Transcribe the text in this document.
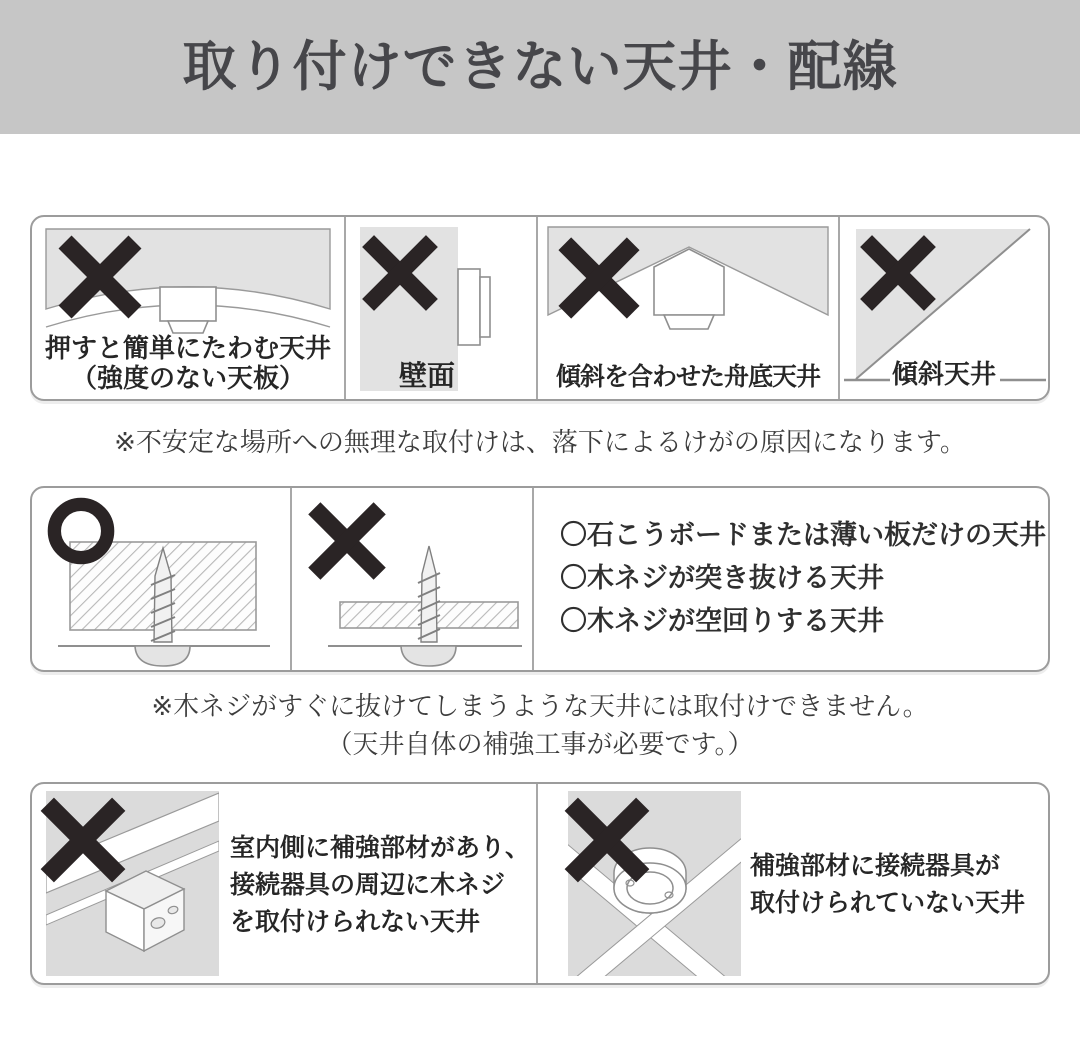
取り付けできない天井・配線
押すと簡単にたわむ天井
（強度のない天板）	壁面	傾斜を合わせた舟底天井	傾斜天井
※不安定な場所への無理な取付けは、落下によるけがの原因になります。
〇石こうボードまたは薄い板だけの天井
〇木ネジが突き抜ける天井
〇木ネジが空回りする天井
※木ネジがすぐに抜けてしまうような天井には取付けできません。
（天井自体の補強工事が必要です。）
室内側に補強部材があり、
接続器具の周辺に木ネジ
を取付けられない天井
補強部材に接続器具が
取付けられていない天井
